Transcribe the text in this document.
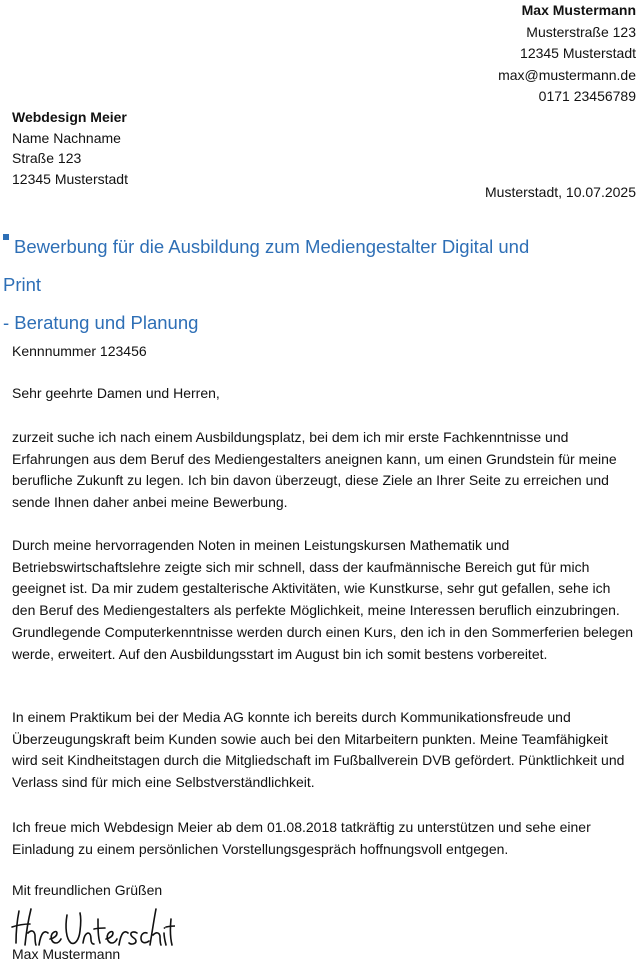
Max Mustermann
Musterstraße 123
12345 Musterstadt
max@mustermann.de
0171 23456789
Webdesign Meier
Name Nachname
Straße 123
12345 Musterstadt
Musterstadt, 10.07.2025
Bewerbung für die Ausbildung zum Mediengestalter Digital und
Print
- Beratung und Planung
Kennnummer 123456
Sehr geehrte Damen und Herren,
zurzeit suche ich nach einem Ausbildungsplatz, bei dem ich mir erste Fachkenntnisse und Erfahrungen aus dem Beruf des Mediengestalters aneignen kann, um einen Grundstein für meine berufliche Zukunft zu legen. Ich bin davon überzeugt, diese Ziele an Ihrer Seite zu erreichen und sende Ihnen daher anbei meine Bewerbung.
Durch meine hervorragenden Noten in meinen Leistungskursen Mathematik und Betriebswirtschaftslehre zeigte sich mir schnell, dass der kaufmännische Bereich gut für mich geeignet ist. Da mir zudem gestalterische Aktivitäten, wie Kunstkurse, sehr gut gefallen, sehe ich den Beruf des Mediengestalters als perfekte Möglichkeit, meine Interessen beruflich einzubringen. Grundlegende Computerkenntnisse werden durch einen Kurs, den ich in den Sommerferien belegen werde, erweitert. Auf den Ausbildungsstart im August bin ich somit bestens vorbereitet.
In einem Praktikum bei der Media AG konnte ich bereits durch Kommunikationsfreude und Überzeugungskraft beim Kunden sowie auch bei den Mitarbeitern punkten. Meine Teamfähigkeit wird seit Kindheitstagen durch die Mitgliedschaft im Fußballverein DVB gefördert. Pünktlichkeit und Verlass sind für mich eine Selbstverständlichkeit.
Ich freue mich Webdesign Meier ab dem 01.08.2018 tatkräftig zu unterstützen und sehe einer Einladung zu einem persönlichen Vorstellungsgespräch hoffnungsvoll entgegen.
Mit freundlichen Grüßen
Max Mustermann
